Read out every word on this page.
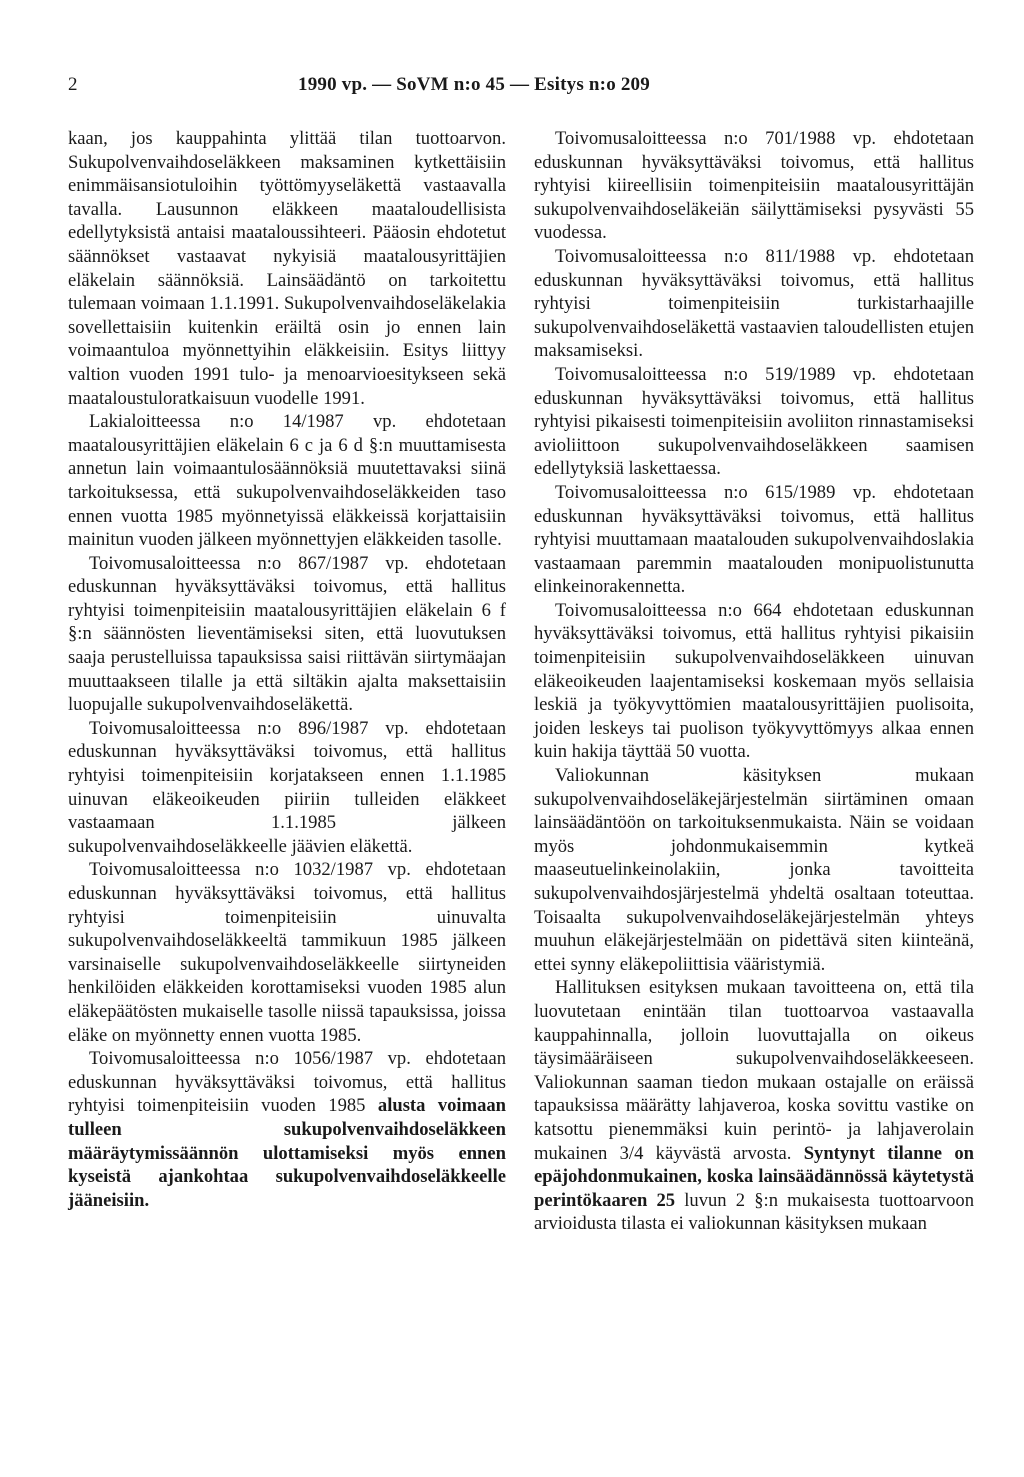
2	1990 vp. — SoVM n:o 45 — Esitys n:o 209

kaan, jos kauppahinta ylittää tilan tuottoarvon. Sukupolvenvaihdoseläkkeen maksaminen kytkettäisiin enimmäisansiotuloihin työttömyyseläkettä vastaavalla tavalla. Lausunnon eläkkeen maataloudellisista edellytyksistä antaisi maataloussihteeri. Pääosin ehdotetut säännökset vastaavat nykyisiä maatalousyrittäjien eläkelain säännöksiä. Lainsäädäntö on tarkoitettu tulemaan voimaan 1.1.1991. Sukupolvenvaihdoseläkelakia sovellettaisiin kuitenkin eräiltä osin jo ennen lain voimaantuloa myönnettyihin eläkkeisiin. Esitys liittyy valtion vuoden 1991 tulo- ja menoarvioesitykseen sekä maataloustuloratkaisuun vuodelle 1991.

Lakialoitteessa n:o 14/1987 vp. ehdotetaan maatalousyrittäjien eläkelain 6 c ja 6 d §:n muuttamisesta annetun lain voimaantulosäännöksiä muutettavaksi siinä tarkoituksessa, että sukupolvenvaihdoseläkkeiden taso ennen vuotta 1985 myönnetyissä eläkkeissä korjattaisiin mainitun vuoden jälkeen myönnettyjen eläkkeiden tasolle.

Toivomusaloitteessa n:o 867/1987 vp. ehdotetaan eduskunnan hyväksyttäväksi toivomus, että hallitus ryhtyisi toimenpiteisiin maatalousyrittäjien eläkelain 6 f §:n säännösten lieventämiseksi siten, että luovutuksen saaja perustelluissa tapauksissa saisi riittävän siirtymäajan muuttaakseen tilalle ja että siltäkin ajalta maksettaisiin luopujalle sukupolvenvaihdoseläkettä.

Toivomusaloitteessa n:o 896/1987 vp. ehdotetaan eduskunnan hyväksyttäväksi toivomus, että hallitus ryhtyisi toimenpiteisiin korjatakseen ennen 1.1.1985 uinuvan eläkeoikeuden piiriin tulleiden eläkkeet vastaamaan 1.1.1985 jälkeen sukupolvenvaihdoseläkkeelle jäävien eläkettä.

Toivomusaloitteessa n:o 1032/1987 vp. ehdotetaan eduskunnan hyväksyttäväksi toivomus, että hallitus ryhtyisi toimenpiteisiin uinuvalta sukupolvenvaihdoseläkkeeltä tammikuun 1985 jälkeen varsinaiselle sukupolvenvaihdoseläkkeelle siirtyneiden henkilöiden eläkkeiden korottamiseksi vuoden 1985 alun eläkepäätösten mukaiselle tasolle niissä tapauksissa, joissa eläke on myönnetty ennen vuotta 1985.

Toivomusaloitteessa n:o 1056/1987 vp. ehdotetaan eduskunnan hyväksyttäväksi toivomus, että hallitus ryhtyisi toimenpiteisiin vuoden 1985 alusta voimaan tulleen sukupolvenvaihdoseläkkeen määräytymissäännön ulottamiseksi myös ennen kyseistä ajankohtaa sukupolvenvaihdoseläkkeelle jääneisiin.

Toivomusaloitteessa n:o 701/1988 vp. ehdotetaan eduskunnan hyväksyttäväksi toivomus, että hallitus ryhtyisi kiireellisiin toimenpiteisiin maatalousyrittäjän sukupolvenvaihdoseläkeiän säilyttämiseksi pysyvästi 55 vuodessa.

Toivomusaloitteessa n:o 811/1988 vp. ehdotetaan eduskunnan hyväksyttäväksi toivomus, että hallitus ryhtyisi toimenpiteisiin turkistarhaajille sukupolvenvaihdoseläkettä vastaavien taloudellisten etujen maksamiseksi.

Toivomusaloitteessa n:o 519/1989 vp. ehdotetaan eduskunnan hyväksyttäväksi toivomus, että hallitus ryhtyisi pikaisesti toimenpiteisiin avoliiton rinnastamiseksi avioliittoon sukupolvenvaihdoseläkkeen saamisen edellytyksiä laskettaessa.

Toivomusaloitteessa n:o 615/1989 vp. ehdotetaan eduskunnan hyväksyttäväksi toivomus, että hallitus ryhtyisi muuttamaan maatalouden sukupolvenvaihdoslakia vastaamaan paremmin maatalouden monipuolistunutta elinkeinorakennetta.

Toivomusaloitteessa n:o 664 ehdotetaan eduskunnan hyväksyttäväksi toivomus, että hallitus ryhtyisi pikaisiin toimenpiteisiin sukupolvenvaihdoseläkkeen uinuvan eläkeoikeuden laajentamiseksi koskemaan myös sellaisia leskiä ja työkyvyttömien maatalousyrittäjien puolisoita, joiden leskeys tai puolison työkyvyttömyys alkaa ennen kuin hakija täyttää 50 vuotta.

Valiokunnan käsityksen mukaan sukupolvenvaihdoseläkejärjestelmän siirtäminen omaan lainsäädäntöön on tarkoituksenmukaista. Näin se voidaan myös johdonmukaisemmin kytkeä maaseutuelinkeinolakiin, jonka tavoitteita sukupolvenvaihdosjärjestelmä yhdeltä osaltaan toteuttaa. Toisaalta sukupolvenvaihdoseläkejärjestelmän yhteys muuhun eläkejärjestelmään on pidettävä siten kiinteänä, ettei synny eläkepoliittisia vääristymiä.

Hallituksen esityksen mukaan tavoitteena on, että tila luovutetaan enintään tilan tuottoarvoa vastaavalla kauppahinnalla, jolloin luovuttajalla on oikeus täysimääräiseen sukupolvenvaihdoseläkkeeseen. Valiokunnan saaman tiedon mukaan ostajalle on eräissä tapauksissa määrätty lahjaveroa, koska sovittu vastike on katsottu pienemmäksi kuin perintö- ja lahjaverolain mukainen 3/4 käyvästä arvosta. Syntynyt tilanne on epäjohdonmukainen, koska lainsäädännössä käytetystä perintökaaren 25 luvun 2 §:n mukaisesta tuottoarvoon arvioidusta tilasta ei valiokunnan käsityksen mukaan
